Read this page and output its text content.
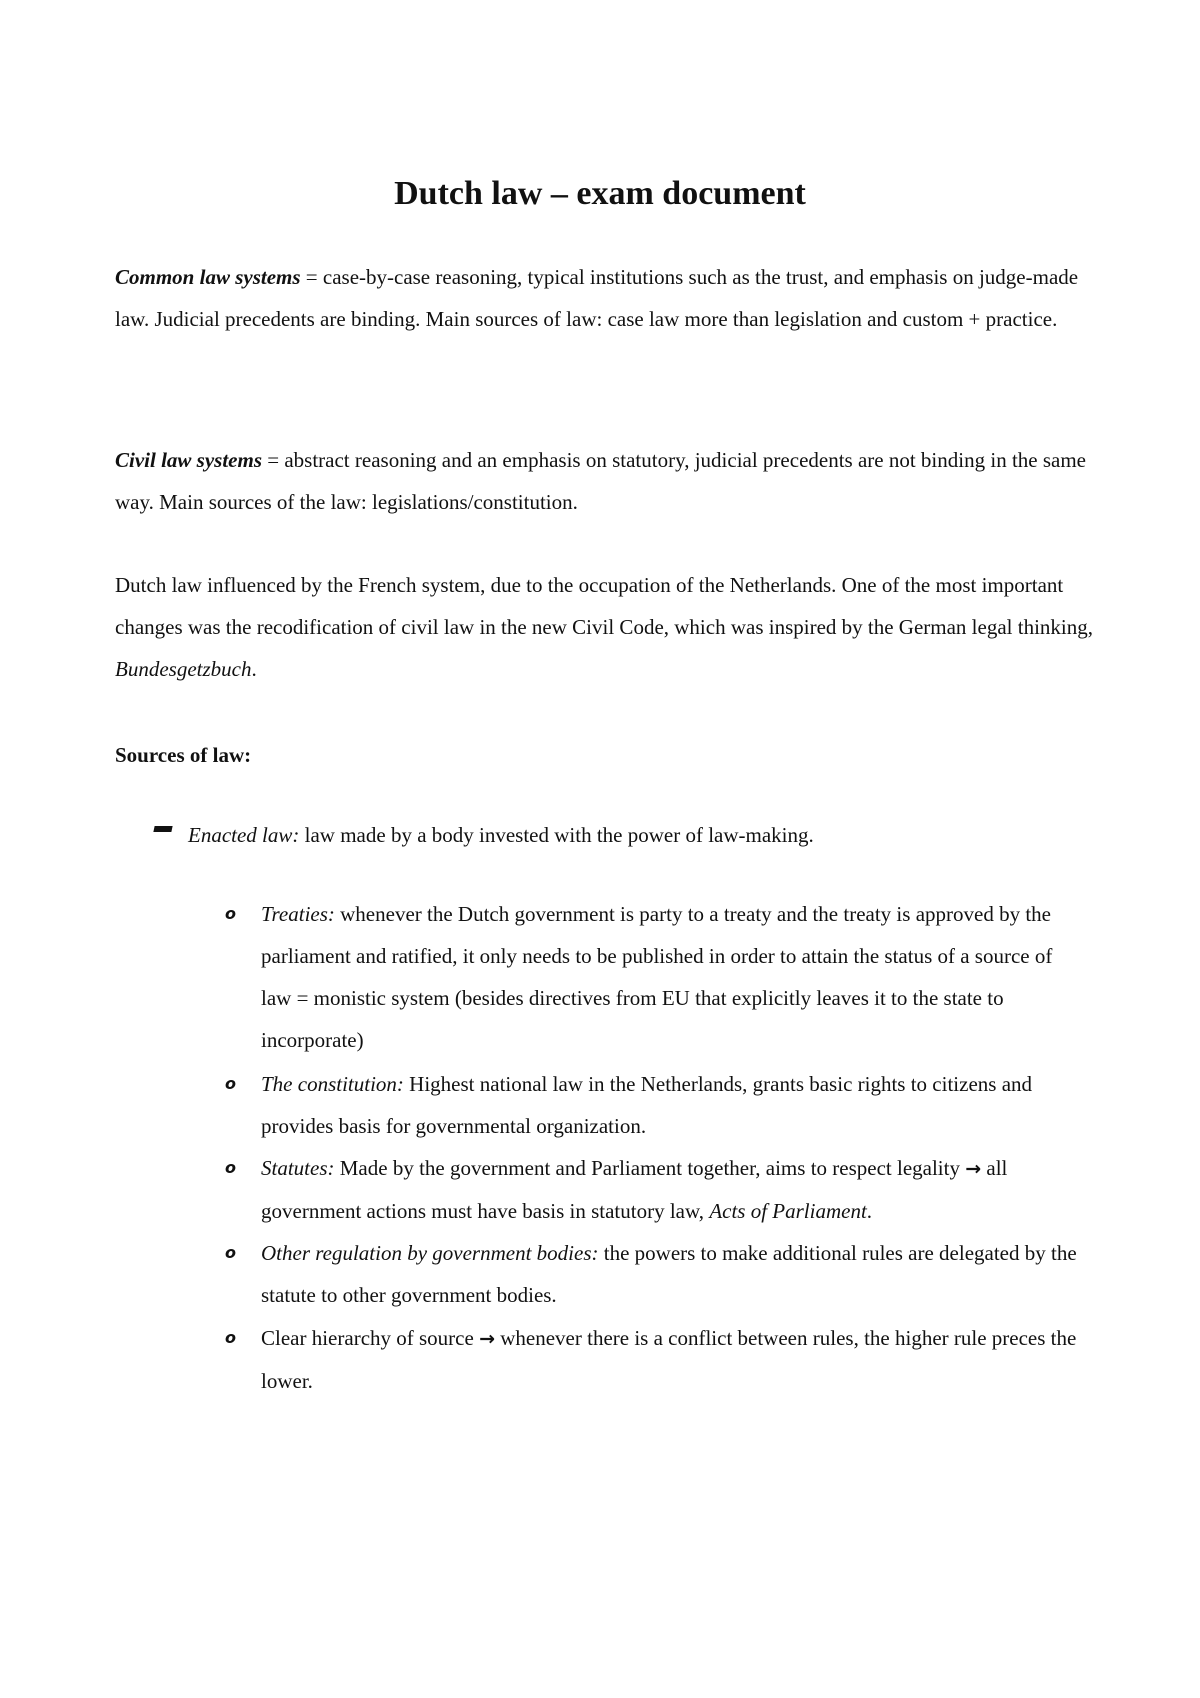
Dutch law – exam document
Common law systems = case-by-case reasoning, typical institutions such as the trust, and emphasis on judge-made law. Judicial precedents are binding. Main sources of law: case law more than legislation and custom + practice.
Civil law systems = abstract reasoning and an emphasis on statutory, judicial precedents are not binding in the same way. Main sources of the law: legislations/constitution.
Dutch law influenced by the French system, due to the occupation of the Netherlands. One of the most important changes was the recodification of civil law in the new Civil Code, which was inspired by the German legal thinking, Bundesgetzbuch.
Sources of law:
Enacted law: law made by a body invested with the power of law-making.
o Treaties: whenever the Dutch government is party to a treaty and the treaty is approved by the parliament and ratified, it only needs to be published in order to attain the status of a source of law = monistic system (besides directives from EU that explicitly leaves it to the state to incorporate)
o The constitution: Highest national law in the Netherlands, grants basic rights to citizens and provides basis for governmental organization.
o Statutes: Made by the government and Parliament together, aims to respect legality → all government actions must have basis in statutory law, Acts of Parliament.
o Other regulation by government bodies: the powers to make additional rules are delegated by the statute to other government bodies.
o Clear hierarchy of source → whenever there is a conflict between rules, the higher rule preces the lower.
